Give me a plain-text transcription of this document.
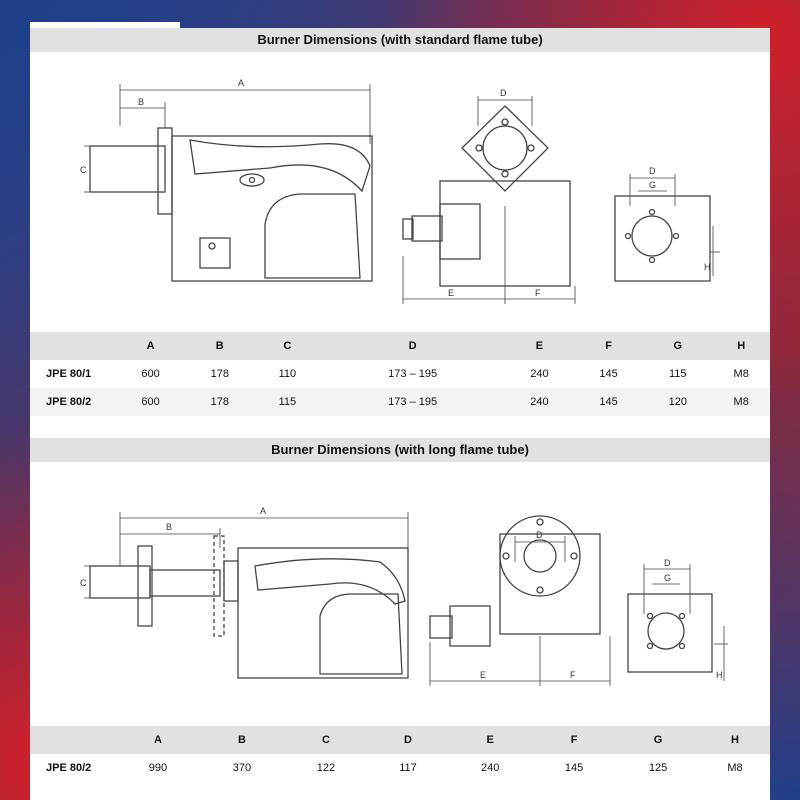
Burner Dimensions (with standard flame tube)
A
B
C
D
E	F
D
G
H
	A	B	C	D	E	F	G	H
JPE 80/1	600	178	110	173 – 195	240	145	115	M8
JPE 80/2	600	178	115	173 – 195	240	145	120	M8
Burner Dimensions (with long flame tube)
A
B
C
D
E	F
D
G
H
	A	B	C	D	E	F	G	H
JPE 80/2	990	370	122	117	240	145	125	M8
